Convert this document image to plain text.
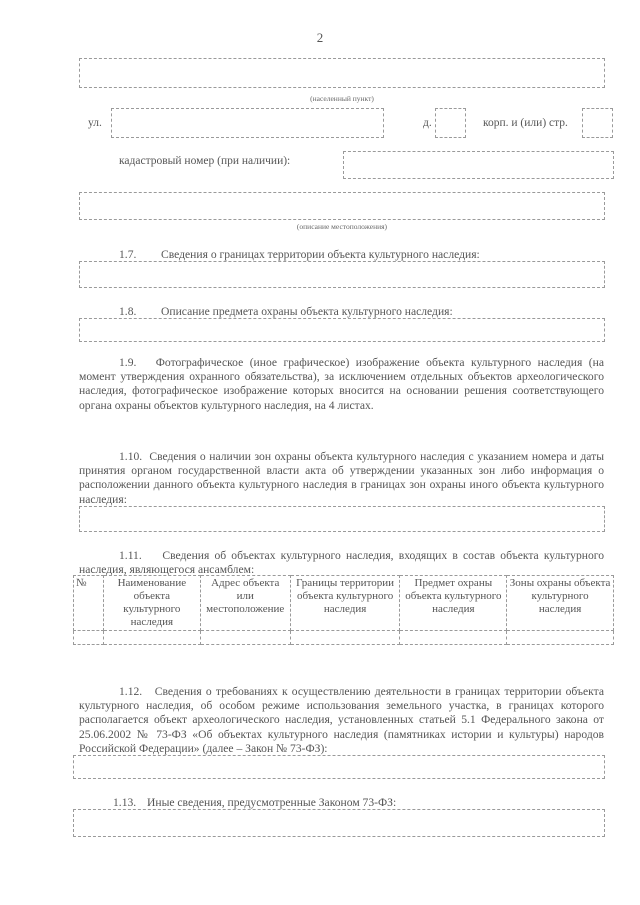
2
(населенный пункт)
ул.	д.	корп. и (или) стр.
кадастровый номер (при наличии):
(описание местоположения)
1.7. Сведения о границах территории объекта культурного наследия:
1.8. Описание предмета охраны объекта культурного наследия:
1.9. Фотографическое (иное графическое) изображение объекта культурного наследия (на момент утверждения охранного обязательства), за исключением отдельных объектов археологического наследия, фотографическое изображение которых вносится на основании решения соответствующего органа охраны объектов культурного наследия, на 4 листах.
1.10. Сведения о наличии зон охраны объекта культурного наследия с указанием номера и даты принятия органом государственной власти акта об утверждении указанных зон либо информация о расположении данного объекта культурного наследия в границах зон охраны иного объекта культурного наследия:
1.11. Сведения об объектах культурного наследия, входящих в состав объекта культурного наследия, являющегося ансамблем:
№	Наименование объекта культурного наследия	Адрес объекта или местоположение	Границы территории объекта культурного наследия	Предмет охраны объекта культурного наследия	Зоны охраны объекта культурного наследия

1.12. Сведения о требованиях к осуществлению деятельности в границах территории объекта культурного наследия, об особом режиме использования земельного участка, в границах которого располагается объект археологического наследия, установленных статьей 5.1 Федерального закона от 25.06.2002 № 73-ФЗ «Об объектах культурного наследия (памятниках истории и культуры) народов Российской Федерации» (далее – Закон № 73-ФЗ):
1.13. Иные сведения, предусмотренные Законом 73-ФЗ:
